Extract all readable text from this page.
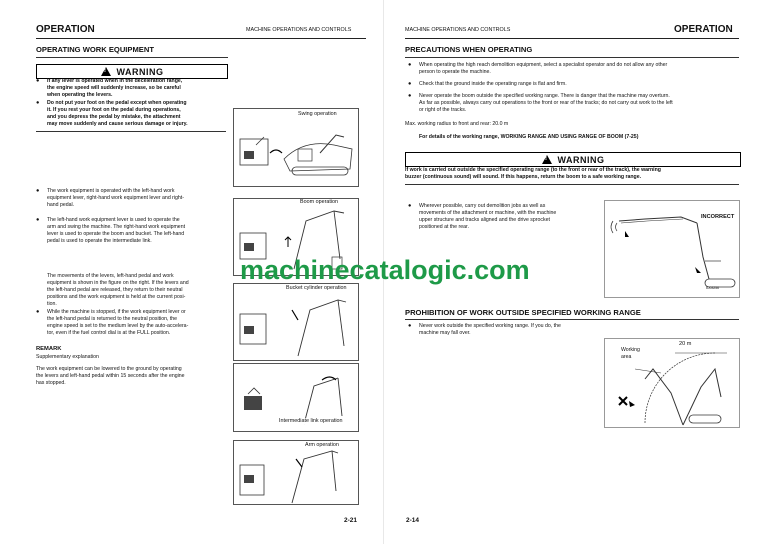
OPERATION	MACHINE OPERATIONS AND CONTROLS
OPERATING WORK EQUIPMENT
!
WARNING
● If any lever is operated when in the deceleration range,
the engine speed will suddenly increase, so be careful
when operating the levers.
● Do not put your foot on the pedal except when operating
it. If you rest your foot on the pedal during operations,
and you depress the pedal by mistake, the attachment
may move suddenly and cause serious damage or injury.
● The work equipment is operated with the left-hand work
equipment lever, right-hand work equipment lever and right-
hand pedal.
● The left-hand work equipment lever is used to operate the
arm and swing the machine. The right-hand work equipment
lever is used to operate the boom and bucket. The left-hand
pedal is used to operate the intermediate link.
The movements of the levers, left-hand pedal and work
equipment is shown in the figure on the right. If the levers and
the left-hand pedal are released, they return to their neutral
positions and the work equipment is held at the current posi-
tion.
● While the machine is stopped, if the work equipment lever or
the left-hand pedal is returned to the neutral position, the
engine speed is set to the medium level by the auto-accelera-
tor, even if the fuel control dial is at the FULL position.
REMARK
Supplementary explanation
The work equipment can be lowered to the ground by operating
the levers and left-hand pedal within 15 seconds after the engine
has stopped.
Swing operation
Boom operation
Bucket cylinder operation
Intermediate link operation
Arm operation
2-21
MACHINE OPERATIONS AND CONTROLS	OPERATION
PRECAUTIONS WHEN OPERATING
● When operating the high reach demolition equipment, select a specialist operator and do not allow any other
person to operate the machine.
● Check that the ground inside the operating range is flat and firm.
● Never operate the boom outside the specified working range. There is danger that the machine may overturn.
As far as possible, always carry out operations to the front or rear of the tracks; do not carry out work to the left
or right of the tracks.
Max. working radius to front and rear: 20.0 m
For details of the working range, WORKING RANGE AND USING RANGE OF BOOM (7-25)
!
WARNING
If work is carried out outside the specified operating range (to the front or rear of the track), the warning
buzzer (continuous sound) will sound. If this happens, return the boom to a safe working range.
● Wherever possible, carry out demolition jobs as well as
movements of the attachment or machine, with the machine
upper structure and tracks aligned and the drive sprocket
positioned at the rear.
INCORRECT
6J03256
PROHIBITION OF WORK OUTSIDE SPECIFIED WORKING RANGE
● Never work outside the specified working range. If you do, the
machine may fall over.
Working
area
20 m
2-14
machinecatalogic.com
